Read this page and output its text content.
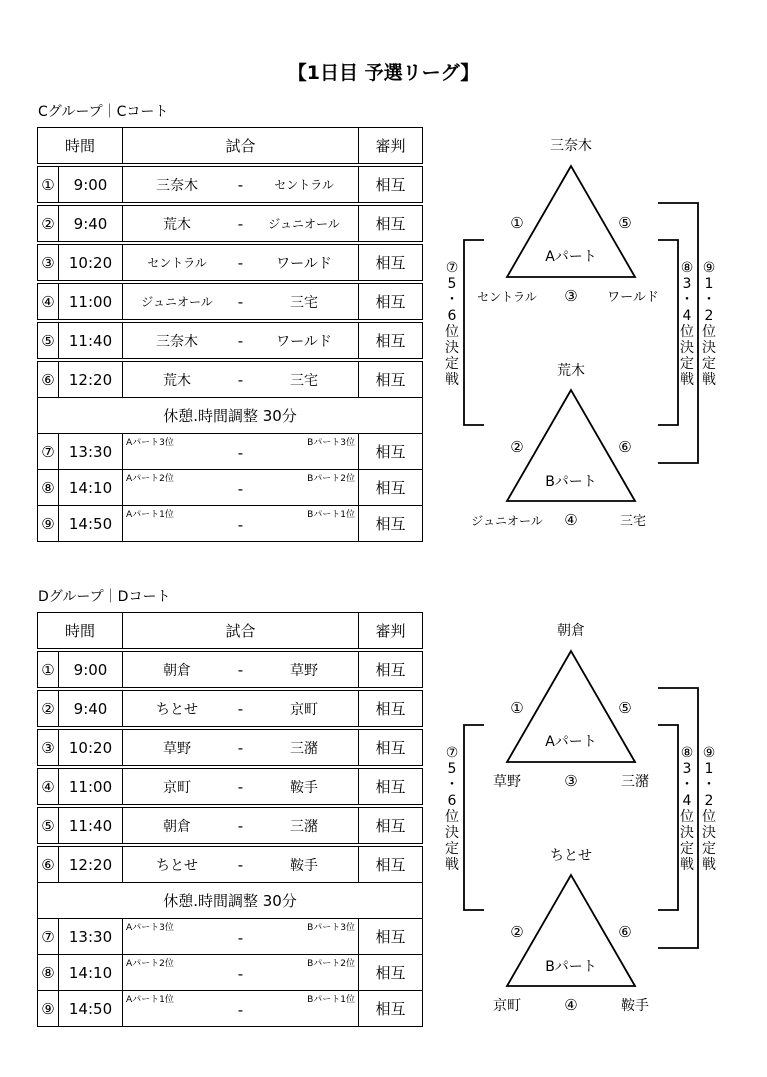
【1日目 予選リーグ】
Cグループ｜Cコート
時間		試合	審判

①	9:00	三奈木 - セントラル	相互

②	9:40	荒木 - ジュニオール	相互

③	10:20	セントラル - ワールド	相互

④	11:00	ジュニオール - 三宅	相互

⑤	11:40	三奈木 - ワールド	相互

⑥	12:20	荒木 - 三宅	相互
休憩.時間調整 30分			
⑦	13:30	Aパート3位
-
Bパート3位	相互
⑧	14:10	Aパート2位
-
Bパート2位	相互
⑨	14:50	Aパート1位
-
Bパート1位	相互
三奈木
Aパート
①	⑤
③
セントラル	ワールド
荒木
Bパート
②	⑥
④
ジュニオール	三宅
⑦
5
・
6
位
決
定
戦
⑧
3
・
4
位
決
定
戦
⑨
1
・
2
位
決
定
戦
Dグループ｜Dコート
時間		試合	審判

①	9:00	朝倉 - 草野	相互

②	9:40	ちとせ - 京町	相互

③	10:20	草野 - 三潴	相互

④	11:00	京町 - 鞍手	相互

⑤	11:40	朝倉 - 三潴	相互

⑥	12:20	ちとせ - 鞍手	相互
休憩.時間調整 30分			
⑦	13:30	Aパート3位
-
Bパート3位	相互
⑧	14:10	Aパート2位
-
Bパート2位	相互
⑨	14:50	Aパート1位
-
Bパート1位	相互
朝倉
Aパート
①	⑤
③
草野	三潴
ちとせ
Bパート
②	⑥
④
京町	鞍手
⑦
5
・
6
位
決
定
戦
⑧
3
・
4
位
決
定
戦
⑨
1
・
2
位
決
定
戦
